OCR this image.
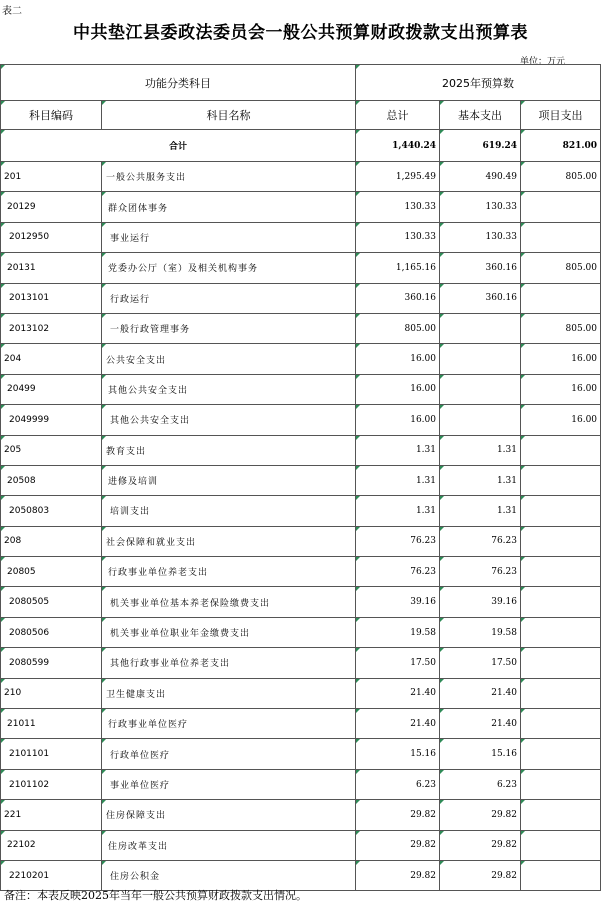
表二
中共垫江县委政法委员会一般公共预算财政拨款支出预算表
单位：万元
功能分类科目		2025年预算数		

科目编码	科目名称	总计	基本支出	项目支出

合计		1,440.24	619.24	821.00

201	一般公共服务支出	1,295.49	490.49	805.00

20129	群众团体事务	130.33	130.33	

2012950	事业运行	130.33	130.33	

20131	党委办公厅（室）及相关机构事务	1,165.16	360.16	805.00

2013101	行政运行	360.16	360.16	

2013102	一般行政管理事务	805.00		805.00

204	公共安全支出	16.00		16.00

20499	其他公共安全支出	16.00		16.00

2049999	其他公共安全支出	16.00		16.00

205	教育支出	1.31	1.31	

20508	进修及培训	1.31	1.31	

2050803	培训支出	1.31	1.31	

208	社会保障和就业支出	76.23	76.23	

20805	行政事业单位养老支出	76.23	76.23	

2080505	机关事业单位基本养老保险缴费支出	39.16	39.16	

2080506	机关事业单位职业年金缴费支出	19.58	19.58	

2080599	其他行政事业单位养老支出	17.50	17.50	

210	卫生健康支出	21.40	21.40	

21011	行政事业单位医疗	21.40	21.40	

2101101	行政单位医疗	15.16	15.16	

2101102	事业单位医疗	6.23	6.23	

221	住房保障支出	29.82	29.82	

22102	住房改革支出	29.82	29.82	

2210201	住房公积金	29.82	29.82	
备注：本表反映2025年当年一般公共预算财政拨款支出情况。
